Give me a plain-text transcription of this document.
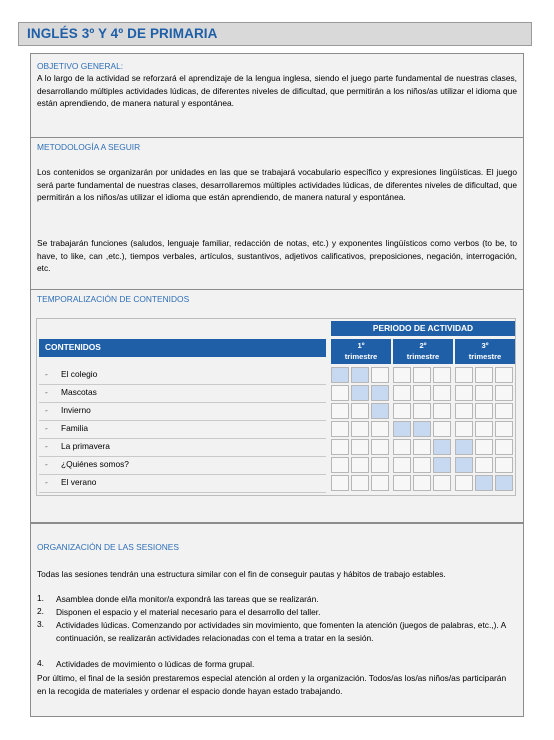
INGLÉS 3º Y 4º DE PRIMARIA
OBJETIVO GENERAL:
A lo largo de la actividad se reforzará el aprendizaje de la lengua inglesa, siendo el juego parte fundamental de nuestras clases, desarrollando múltiples actividades lúdicas, de diferentes niveles de dificultad, que permitirán a los niños/as utilizar el idioma que están aprendiendo, de manera natural y espontánea.
METODOLOGÍA A SEGUIR
Los contenidos se organizarán por unidades en las que se trabajará vocabulario específico y expresiones lingüísticas. El juego será parte fundamental de nuestras clases, desarrollaremos múltiples actividades lúdicas, de diferentes niveles de dificultad, que permitirán a los niños/as utilizar el idioma que están aprendiendo, de manera natural y espontánea.
Se trabajarán funciones (saludos, lenguaje familiar, redacción de notas, etc.) y exponentes lingüísticos como verbos (to be, to have, to like, can ,etc.), tiempos verbales, artículos, sustantivos, adjetivos calificativos, preposiciones, negación, interrogación, etc.
TEMPORALIZACIÓN DE CONTENIDOS
PERIODO DE ACTIVIDAD
CONTENIDOS	1º
trimestre
2º
trimestre
3º
trimestre
- El colegio
- Mascotas
- Invierno
- Familia
- La primavera
- ¿Quiénes somos?
- El verano
ORGANIZACIÓN DE LAS SESIONES
Todas las sesiones tendrán una estructura similar con el fin de conseguir pautas y hábitos de trabajo estables.
1. Asamblea donde el/la monitor/a expondrá las tareas que se realizarán.
2. Disponen el espacio y el material necesario para el desarrollo del taller.
3. Actividades lúdicas. Comenzando por actividades sin movimiento, que fomenten la atención (juegos de palabras, etc.,). A continuación, se realizarán actividades relacionadas con el tema a tratar en la sesión.
4. Actividades de movimiento o lúdicas de forma grupal.
Por último, el final de la sesión prestaremos especial atención al orden y la organización. Todos/as los/as niños/as participarán en la recogida de materiales y ordenar el espacio donde hayan estado trabajando.
